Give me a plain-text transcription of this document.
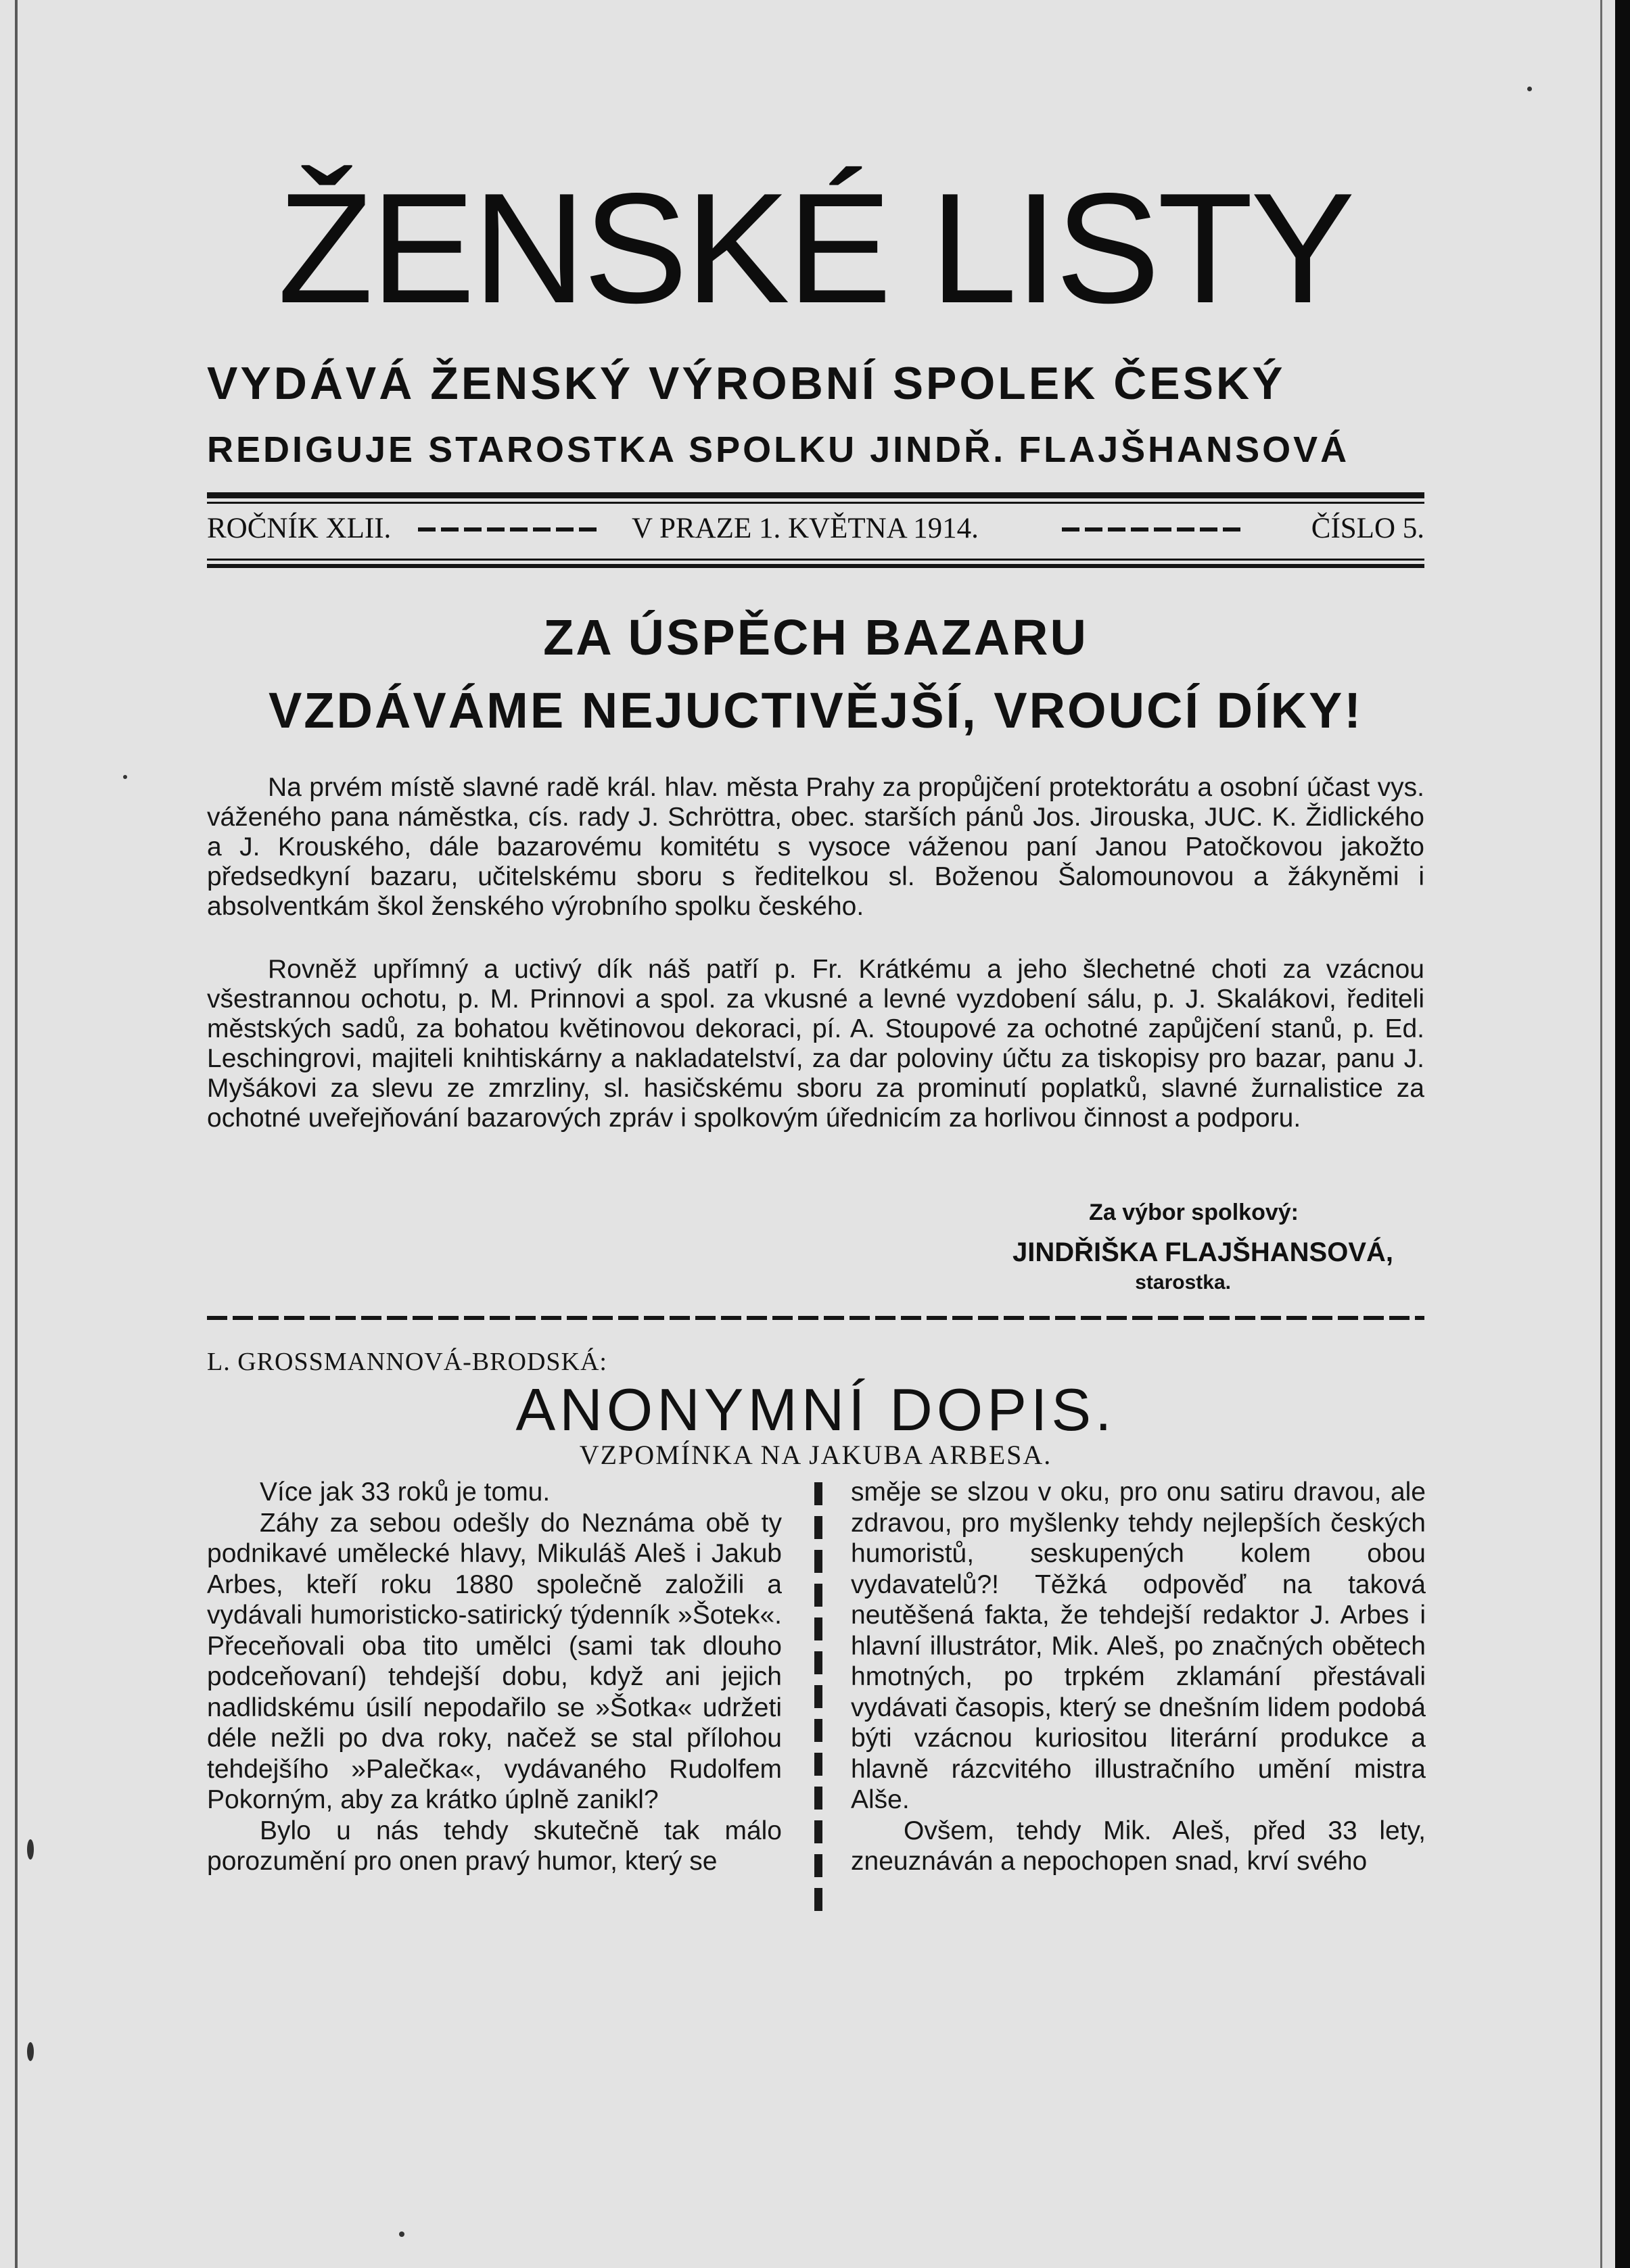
ŽENSKÉ LISTY
VYDÁVÁ ŽENSKÝ VÝROBNÍ SPOLEK ČESKÝ
REDIGUJE STAROSTKA SPOLKU JINDŘ. FLAJŠHANSOVÁ
ROČNÍK XLII.	V PRAZE 1. KVĚTNA 1914.	ČÍSLO 5.
ZA ÚSPĚCH BAZARU
VZDÁVÁME NEJUCTIVĚJŠÍ, VROUCÍ DÍKY!
Na prvém místě slavné radě král. hlav. města Prahy za propůjčení protektorátu a osobní účast vys. váženého pana náměstka, cís. rady J. Schröttra, obec. starších pánů Jos. Jirouska, JUC. K. Židlického a J. Krouského, dále bazarovému komitétu s vysoce váženou paní Janou Patočkovou jakožto předsedkyní bazaru, učitelskému sboru s ředitelkou sl. Boženou Šalomounovou a žákyněmi i absolventkám škol ženského výrobního spolku českého.
Rovněž upřímný a uctivý dík náš patří p. Fr. Krátkému a jeho šlechetné choti za vzácnou všestrannou ochotu, p. M. Prinnovi a spol. za vkusné a levné vyzdobení sálu, p. J. Skalákovi, řediteli městských sadů, za bohatou květinovou dekoraci, pí. A. Stoupové za ochotné zapůjčení stanů, p. Ed. Leschingrovi, majiteli knihtiskárny a nakladatelství, za dar poloviny účtu za tiskopisy pro bazar, panu J. Myšákovi za slevu ze zmrzliny, sl. hasičskému sboru za prominutí poplatků, slavné žurnalistice za ochotné uveřejňování bazarových zpráv i spolkovým úřednicím za horlivou činnost a podporu.
Za výbor spolkový:
JINDŘIŠKA FLAJŠHANSOVÁ,
starostka.
L. GROSSMANNOVÁ-BRODSKÁ:
ANONYMNÍ DOPIS.
VZPOMÍNKA NA JAKUBA ARBESA.

Více jak 33 roků je tomu.

Záhy za sebou odešly do Neznáma obě ty podnikavé umělecké hlavy, Mikuláš Aleš i Jakub Arbes, kteří roku 1880 společně založili a vydávali humoristicko-satirický týdenník »Šotek«. Přeceňovali oba tito umělci (sami tak dlouho podceňovaní) tehdejší dobu, když ani jejich nadlidskému úsilí nepodařilo se »Šotka« udržeti déle nežli po dva roky, načež se stal přílohou tehdejšího »Palečka«, vydávaného Rudolfem Pokorným, aby za krátko úplně zanikl?

Bylo u nás tehdy skutečně tak málo porozumění pro onen pravý humor, který se

směje se slzou v oku, pro onu satiru dravou, ale zdravou, pro myšlenky tehdy nejlepších českých humoristů, seskupených kolem obou vydavatelů?! Těžká odpověď na taková neutěšená fakta, že tehdejší redaktor J. Arbes i hlavní illustrátor, Mik. Aleš, po značných obětech hmotných, po trpkém zklamání přestávali vydávati časopis, který se dnešním lidem podobá býti vzácnou kuriositou literární produkce a hlavně rázcvitého illustračního umění mistra Alše.

Ovšem, tehdy Mik. Aleš, před 33 lety, zneuznáván a nepochopen snad, krví svého
